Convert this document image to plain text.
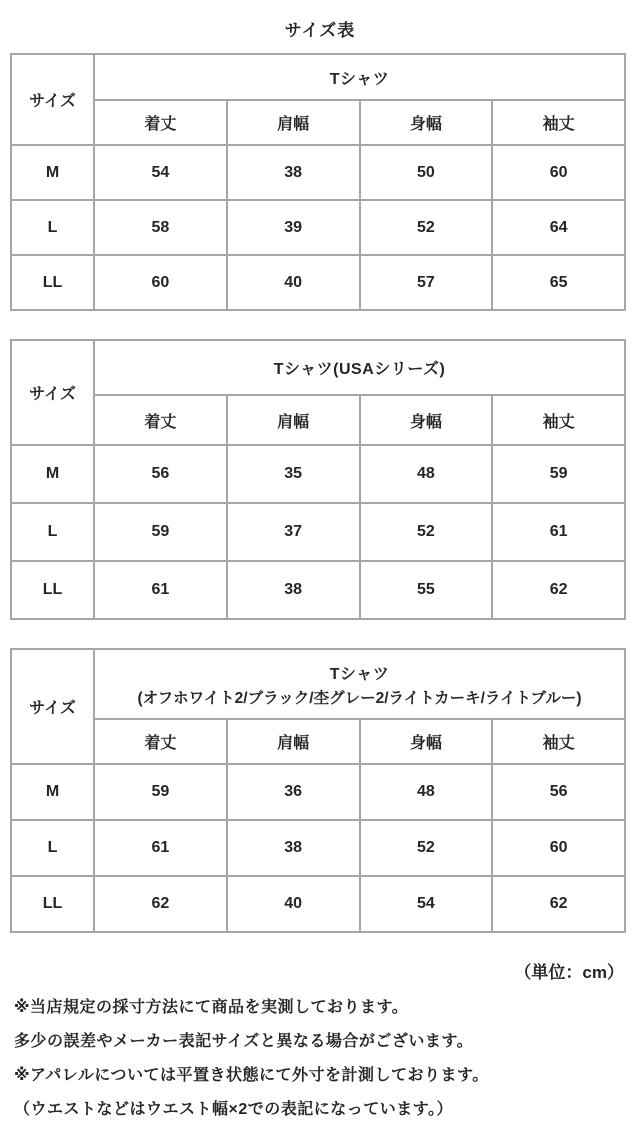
サイズ表
サイズ	Tシャツ			
	着丈	肩幅	身幅	袖丈
M	54	38	50	60
L	58	39	52	64
LL	60	40	57	65
サイズ	Tシャツ(USAシリーズ)			
	着丈	肩幅	身幅	袖丈
M	56	35	48	59
L	59	37	52	61
LL	61	38	55	62
サイズ	Tシャツ
(オフホワイト2/ブラック/杢グレー2/ライトカーキ/ライトブルー)			

	着丈	肩幅	身幅	袖丈
M	59	36	48	56
L	61	38	52	60
LL	62	40	54	62
（単位：cm）

※当店規定の採寸方法にて商品を実測しております。

多少の誤差やメーカー表記サイズと異なる場合がございます。

※アパレルについては平置き状態にて外寸を計測しております。

（ウエストなどはウエスト幅×2での表記になっています。）
